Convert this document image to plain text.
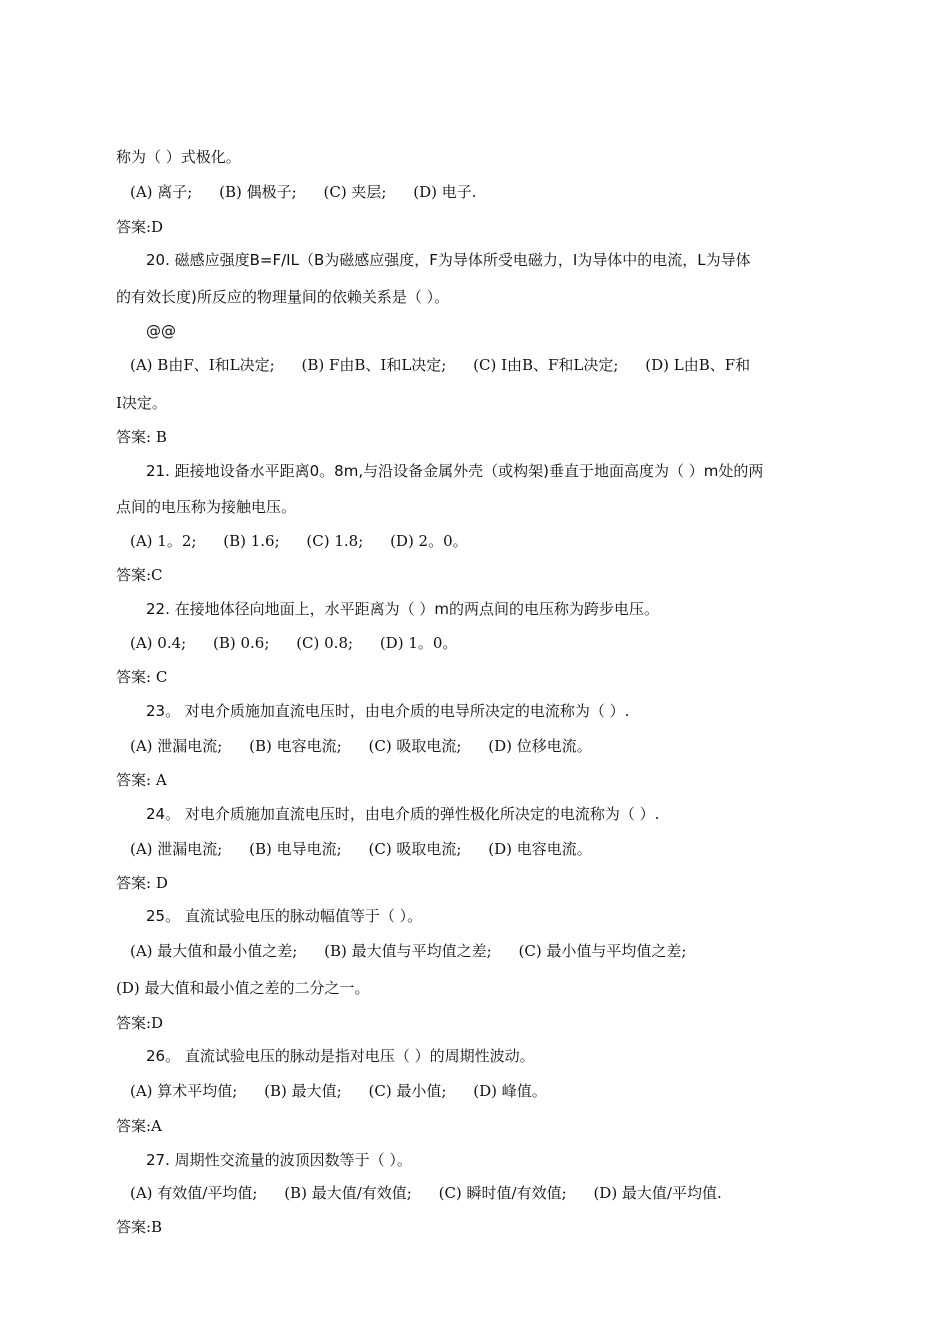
称为（ ）式极化。
(A) 离子; (B) 偶极子; (C) 夹层; (D) 电子.
答案:D
20. 磁感应强度B=F/IL（B为磁感应强度，F为导体所受电磁力，I为导体中的电流，L为导体
的有效长度)所反应的物理量间的依赖关系是（ ）。
@@
(A) B由F、I和L决定; (B) F由B、I和L决定; (C) I由B、F和L决定; (D) L由B、F和
I决定。
答案: B
21. 距接地设备水平距离0。8m,与沿设备金属外壳（或构架)垂直于地面高度为（ ）m处的两
点间的电压称为接触电压。
(A) 1。2; (B) 1.6; (C) 1.8; (D) 2。0。
答案:C
22. 在接地体径向地面上，水平距离为（ ）m的两点间的电压称为跨步电压。
(A) 0.4; (B) 0.6; (C) 0.8; (D) 1。0。
答案: C
23。 对电介质施加直流电压时，由电介质的电导所决定的电流称为（ ）.
(A) 泄漏电流; (B) 电容电流; (C) 吸取电流; (D) 位移电流。
答案: A
24。 对电介质施加直流电压时，由电介质的弹性极化所决定的电流称为（ ）.
(A) 泄漏电流; (B) 电导电流; (C) 吸取电流; (D) 电容电流。
答案: D
25。 直流试验电压的脉动幅值等于（ ）。
(A) 最大值和最小值之差; (B) 最大值与平均值之差; (C) 最小值与平均值之差;
(D) 最大值和最小值之差的二分之一。
答案:D
26。 直流试验电压的脉动是指对电压（ ）的周期性波动。
(A) 算术平均值; (B) 最大值; (C) 最小值; (D) 峰值。
答案:A
27. 周期性交流量的波顶因数等于（ ）。
(A) 有效值/平均值; (B) 最大值/有效值; (C) 瞬时值/有效值; (D) 最大值/平均值.
答案:B
